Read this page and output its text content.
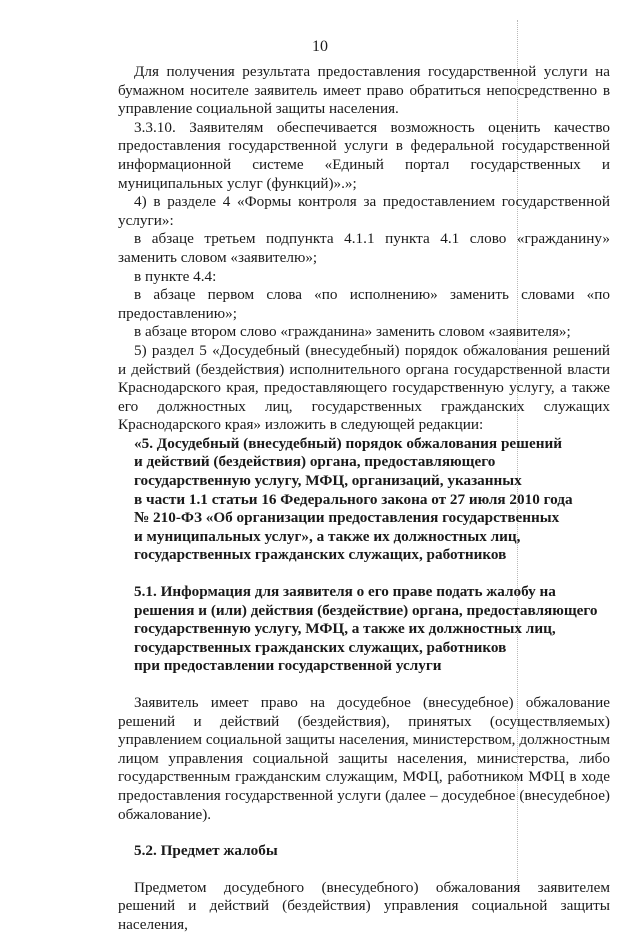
10

Для получения результата предоставления государственной услуги на бумажном носителе заявитель имеет право обратиться непосредственно в управление социальной защиты населения.

3.3.10. Заявителям обеспечивается возможность оценить качество предоставления государственной услуги в федеральной государственной информационной системе «Единый портал государственных и муниципальных услуг (функций)».»;

4) в разделе 4 «Формы контроля за предоставлением государственной услуги»:

в абзаце третьем подпункта 4.1.1 пункта 4.1 слово «гражданину» заменить словом «заявителю»;

в пункте 4.4:

в абзаце первом слова «по исполнению» заменить словами «по предоставлению»;

в абзаце втором слово «гражданина» заменить словом «заявителя»;

5) раздел 5 «Досудебный (внесудебный) порядок обжалования решений и действий (бездействия) исполнительного органа государственной власти Краснодарского края, предоставляющего государственную услугу, а также его должностных лиц, государственных гражданских служащих Краснодарского края» изложить в следующей редакции:

«5. Досудебный (внесудебный) порядок обжалования решений

и действий (бездействия) органа, предоставляющего

государственную услугу, МФЦ, организаций, указанных

в части 1.1 статьи 16 Федерального закона от 27 июля 2010 года

№ 210-ФЗ «Об организации предоставления государственных

и муниципальных услуг», а также их должностных лиц,

государственных гражданских служащих, работников

5.1. Информация для заявителя о его праве подать жалобу на

решения и (или) действия (бездействие) органа, предоставляющего

государственную услугу, МФЦ, а также их должностных лиц,

государственных гражданских служащих, работников

при предоставлении государственной услуги

Заявитель имеет право на досудебное (внесудебное) обжалование решений и действий (бездействия), принятых (осуществляемых) управлением социальной защиты населения, министерством, должностным лицом управления социальной защиты населения, министерства, либо государственным гражданским служащим, МФЦ, работником МФЦ в ходе предоставления государственной услуги (далее – досудебное (внесудебное) обжалование).

5.2. Предмет жалобы

Предметом досудебного (внесудебного) обжалования заявителем решений и действий (бездействия) управления социальной защиты населения,
